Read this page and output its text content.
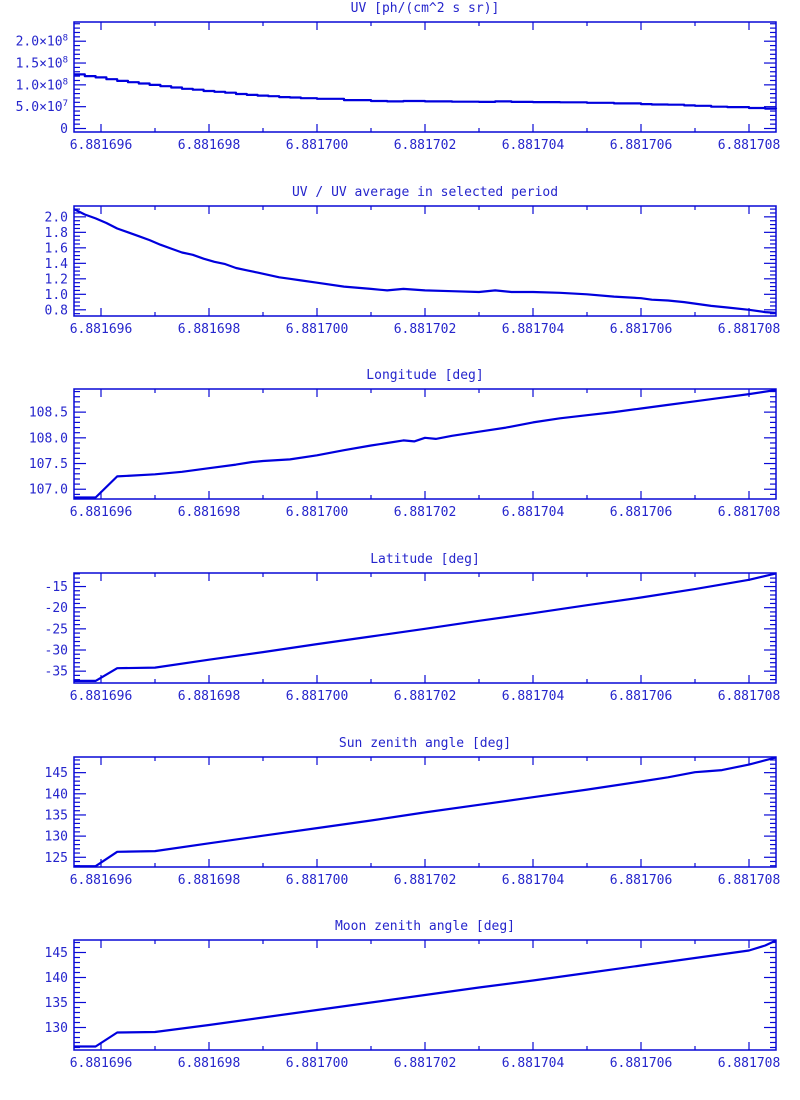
UV [ph/(cm^2 s sr)]
6.881696	6.881698	6.881700	6.881702	6.881704	6.881706	6.881708
0
$5.0\times 10^7$
$1.0\times 10^8$
$1.5\times 10^8$
$2.0\times 10^8$
UV / UV average in selected period
6.881696	6.881698	6.881700	6.881702	6.881704	6.881706	6.881708
0.8
1.0
1.2
1.4
1.6
1.8
2.0
Longitude [deg]
6.881696	6.881698	6.881700	6.881702	6.881704	6.881706	6.881708
107.0
107.5
108.0
108.5
Latitude [deg]
6.881696	6.881698	6.881700	6.881702	6.881704	6.881706	6.881708
-35
-30
-25
-20
-15
Sun zenith angle [deg]
6.881696	6.881698	6.881700	6.881702	6.881704	6.881706	6.881708
125
130
135
140
145
Moon zenith angle [deg]
6.881696	6.881698	6.881700	6.881702	6.881704	6.881706	6.881708
130
135
140
145
